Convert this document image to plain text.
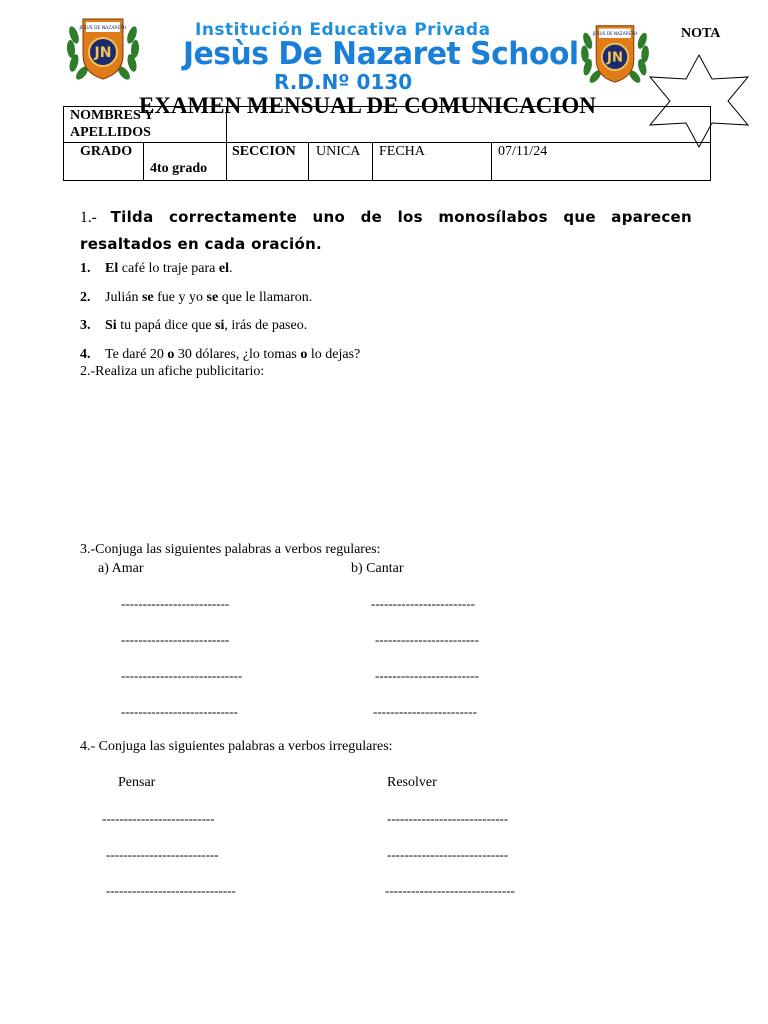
JESUS DE NAZARETH
JN
JESUS DE NAZARETH
JN
Institución Educativa Privada
Jesùs De Nazaret School
R.D.Nº 0130
NOTA
NOMBRES Y APELLIDOS
EXAMEN MENSUAL DE COMUNICACION
GRADO
4to grado
SECCION UNICA FECHA	07/11/24
1.- Tilda correctamente uno de los monosílabos que aparecen resaltados en cada oración.
1. El café lo traje para el.
2. Julián se fue y yo se que le llamaron.
3. Si tu papá dice que si, irás de paseo.
4. Te daré 20 o 30 dólares, ¿lo tomas o lo dejas?
2.-Realiza un afiche publicitario:
3.-Conjuga las siguientes palabras a verbos regulares:
a) Amar	b) Cantar
-------------------------
-------------------------
----------------------------
---------------------------
------------------------
------------------------
------------------------
------------------------
4.- Conjuga las siguientes palabras a verbos irregulares:
Pensar	Resolver
--------------------------
--------------------------
------------------------------
----------------------------
----------------------------
------------------------------
